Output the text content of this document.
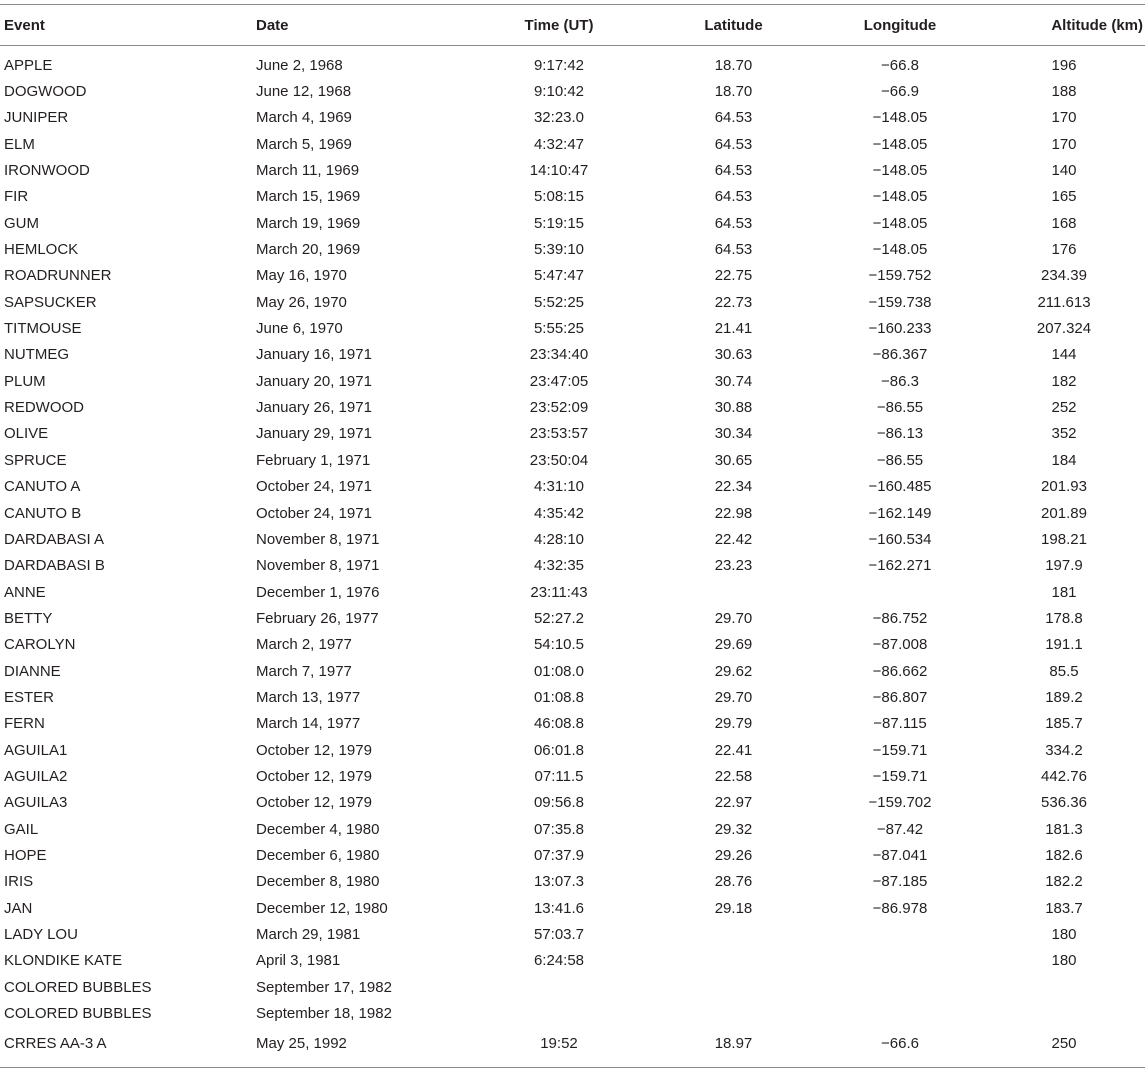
Event	Date	Time (UT)	Latitude	Longitude	Altitude (km)
APPLE	June 2, 1968	9:17:42	18.70	−66.8	196
DOGWOOD	June 12, 1968	9:10:42	18.70	−66.9	188
JUNIPER	March 4, 1969	32:23.0	64.53	−148.05	170
ELM	March 5, 1969	4:32:47	64.53	−148.05	170
IRONWOOD	March 11, 1969	14:10:47	64.53	−148.05	140
FIR	March 15, 1969	5:08:15	64.53	−148.05	165
GUM	March 19, 1969	5:19:15	64.53	−148.05	168
HEMLOCK	March 20, 1969	5:39:10	64.53	−148.05	176
ROADRUNNER	May 16, 1970	5:47:47	22.75	−159.752	234.39
SAPSUCKER	May 26, 1970	5:52:25	22.73	−159.738	211.613
TITMOUSE	June 6, 1970	5:55:25	21.41	−160.233	207.324
NUTMEG	January 16, 1971	23:34:40	30.63	−86.367	144
PLUM	January 20, 1971	23:47:05	30.74	−86.3	182
REDWOOD	January 26, 1971	23:52:09	30.88	−86.55	252
OLIVE	January 29, 1971	23:53:57	30.34	−86.13	352
SPRUCE	February 1, 1971	23:50:04	30.65	−86.55	184
CANUTO A	October 24, 1971	4:31:10	22.34	−160.485	201.93
CANUTO B	October 24, 1971	4:35:42	22.98	−162.149	201.89
DARDABASI A	November 8, 1971	4:28:10	22.42	−160.534	198.21
DARDABASI B	November 8, 1971	4:32:35	23.23	−162.271	197.9
ANNE	December 1, 1976	23:11:43			181
BETTY	February 26, 1977	52:27.2	29.70	−86.752	178.8
CAROLYN	March 2, 1977	54:10.5	29.69	−87.008	191.1
DIANNE	March 7, 1977	01:08.0	29.62	−86.662	85.5
ESTER	March 13, 1977	01:08.8	29.70	−86.807	189.2
FERN	March 14, 1977	46:08.8	29.79	−87.115	185.7
AGUILA1	October 12, 1979	06:01.8	22.41	−159.71	334.2
AGUILA2	October 12, 1979	07:11.5	22.58	−159.71	442.76
AGUILA3	October 12, 1979	09:56.8	22.97	−159.702	536.36
GAIL	December 4, 1980	07:35.8	29.32	−87.42	181.3
HOPE	December 6, 1980	07:37.9	29.26	−87.041	182.6
IRIS	December 8, 1980	13:07.3	28.76	−87.185	182.2
JAN	December 12, 1980	13:41.6	29.18	−86.978	183.7
LADY LOU	March 29, 1981	57:03.7			180
KLONDIKE KATE	April 3, 1981	6:24:58			180
COLORED BUBBLES	September 17, 1982				
COLORED BUBBLES	September 18, 1982				
CRRES AA-3 A	May 25, 1992	19:52	18.97	−66.6	250
